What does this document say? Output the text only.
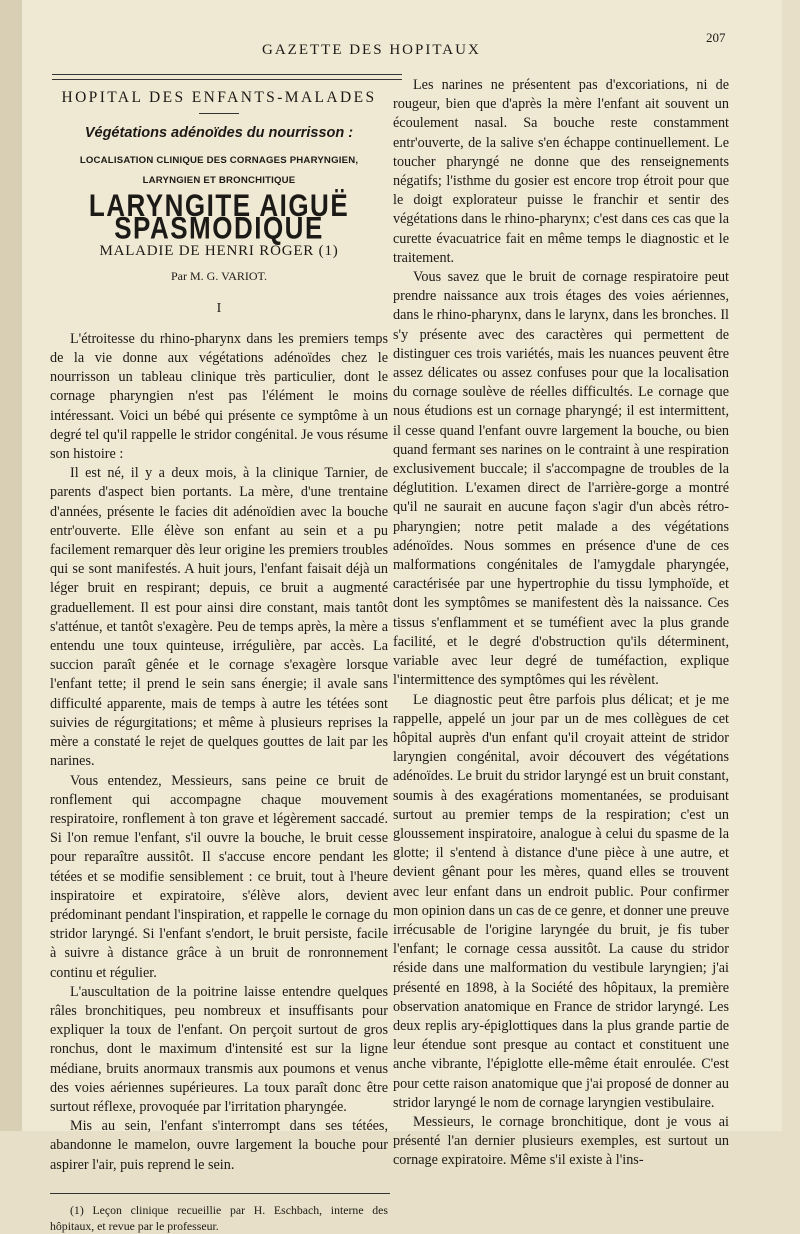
GAZETTE DES HOPITAUX
207
HOPITAL DES ENFANTS-MALADES
Végétations adénoïdes du nourrisson :
LOCALISATION CLINIQUE DES CORNAGES PHARYNGIEN, LARYNGIEN ET BRONCHITIQUE
LARYNGITE AIGUË SPASMODIQUE
MALADIE DE HENRI ROGER (1)
Par M. G. VARIOT.
I

L'étroitesse du rhino-pharynx dans les premiers temps de la vie donne aux végétations adénoïdes chez le nourrisson un tableau clinique très particulier, dont le cornage pharyngien n'est pas l'élément le moins intéressant. Voici un bébé qui présente ce symptôme à un degré tel qu'il rappelle le stridor congénital. Je vous résume son histoire :

Il est né, il y a deux mois, à la clinique Tarnier, de parents d'aspect bien portants. La mère, d'une trentaine d'années, présente le facies dit adénoïdien avec la bouche entr'ouverte. Elle élève son enfant au sein et a pu facilement remarquer dès leur origine les premiers troubles qui se sont manifestés. A huit jours, l'enfant faisait déjà un léger bruit en respirant; depuis, ce bruit a augmenté graduellement. Il est pour ainsi dire constant, mais tantôt s'atténue, et tantôt s'exagère. Peu de temps après, la mère a entendu une toux quinteuse, irrégulière, par accès. La succion paraît gênée et le cornage s'exagère lorsque l'enfant tette; il prend le sein sans énergie; il avale sans difficulté apparente, mais de temps à autre les tétées sont suivies de régurgitations; et même à plusieurs reprises la mère a constaté le rejet de quelques gouttes de lait par les narines.

Vous entendez, Messieurs, sans peine ce bruit de ronflement qui accompagne chaque mouvement respiratoire, ronflement à ton grave et légèrement saccadé. Si l'on remue l'enfant, s'il ouvre la bouche, le bruit cesse pour reparaître aussitôt. Il s'accuse encore pendant les tétées et se modifie sensiblement : ce bruit, tout à l'heure inspiratoire et expiratoire, s'élève alors, devient prédominant pendant l'inspiration, et rappelle le cornage du stridor laryngé. Si l'enfant s'endort, le bruit persiste, facile à suivre à distance grâce à un bruit de ronronnement continu et régulier.

L'auscultation de la poitrine laisse entendre quelques râles bronchitiques, peu nombreux et insuffisants pour expliquer la toux de l'enfant. On perçoit surtout de gros ronchus, dont le maximum d'intensité est sur la ligne médiane, bruits anormaux transmis aux poumons et venus des voies aériennes supérieures. La toux paraît donc être surtout réflexe, provoquée par l'irritation pharyngée.

Mis au sein, l'enfant s'interrompt dans ses tétées, abandonne le mamelon, ouvre largement la bouche pour aspirer l'air, puis reprend le sein.

(1) Leçon clinique recueillie par H. Eschbach, interne des hôpitaux, et revue par le professeur.

Les narines ne présentent pas d'excoriations, ni de rougeur, bien que d'après la mère l'enfant ait souvent un écoulement nasal. Sa bouche reste constamment entr'ouverte, de la salive s'en échappe continuellement. Le toucher pharyngé ne donne que des renseignements négatifs; l'isthme du gosier est encore trop étroit pour que le doigt explorateur puisse le franchir et sentir des végétations dans le rhino-pharynx; c'est dans ces cas que la curette évacuatrice fait en même temps le diagnostic et le traitement.

Vous savez que le bruit de cornage respiratoire peut prendre naissance aux trois étages des voies aériennes, dans le rhino-pharynx, dans le larynx, dans les bronches. Il s'y présente avec des caractères qui permettent de distinguer ces trois variétés, mais les nuances peuvent être assez délicates ou assez confuses pour que la localisation du cornage soulève de réelles difficultés. Le cornage que nous étudions est un cornage pharyngé; il est intermittent, il cesse quand l'enfant ouvre largement la bouche, ou bien quand fermant ses narines on le contraint à une respiration exclusivement buccale; il s'accompagne de troubles de la déglutition. L'examen direct de l'arrière-gorge a montré qu'il ne saurait en aucune façon s'agir d'un abcès rétro-pharyngien; notre petit malade a des végétations adénoïdes. Nous sommes en présence d'une de ces malformations congénitales de l'amygdale pharyngée, caractérisée par une hypertrophie du tissu lymphoïde, et dont les symptômes se manifestent dès la naissance. Ces tissus s'enflamment et se tuméfient avec la plus grande facilité, et le degré d'obstruction qu'ils déterminent, variable avec leur degré de tuméfaction, explique l'intermittence des symptômes qui les révèlent.

Le diagnostic peut être parfois plus délicat; et je me rappelle, appelé un jour par un de mes collègues de cet hôpital auprès d'un enfant qu'il croyait atteint de stridor laryngien congénital, avoir découvert des végétations adénoïdes. Le bruit du stridor laryngé est un bruit constant, soumis à des exagérations momentanées, se produisant surtout au premier temps de la respiration; c'est un gloussement inspiratoire, analogue à celui du spasme de la glotte; il s'entend à distance d'une pièce à une autre, et devient gênant pour les mères, quand elles se trouvent avec leur enfant dans un endroit public. Pour confirmer mon opinion dans un cas de ce genre, et donner une preuve irrécusable de l'origine laryngée du bruit, je fis tuber l'enfant; le cornage cessa aussitôt. La cause du stridor réside dans une malformation du vestibule laryngien; j'ai présenté en 1898, à la Société des hôpitaux, la première observation anatomique en France de stridor laryngé. Les deux replis ary-épiglottiques dans la plus grande partie de leur étendue sont presque au contact et constituent une anche vibrante, l'épiglotte elle-même était enroulée. C'est pour cette raison anatomique que j'ai proposé de donner au stridor laryngé le nom de cornage laryngien vestibulaire.

Messieurs, le cornage bronchitique, dont je vous ai présenté l'an dernier plusieurs exemples, est surtout un cornage expiratoire. Même s'il existe à l'ins-
